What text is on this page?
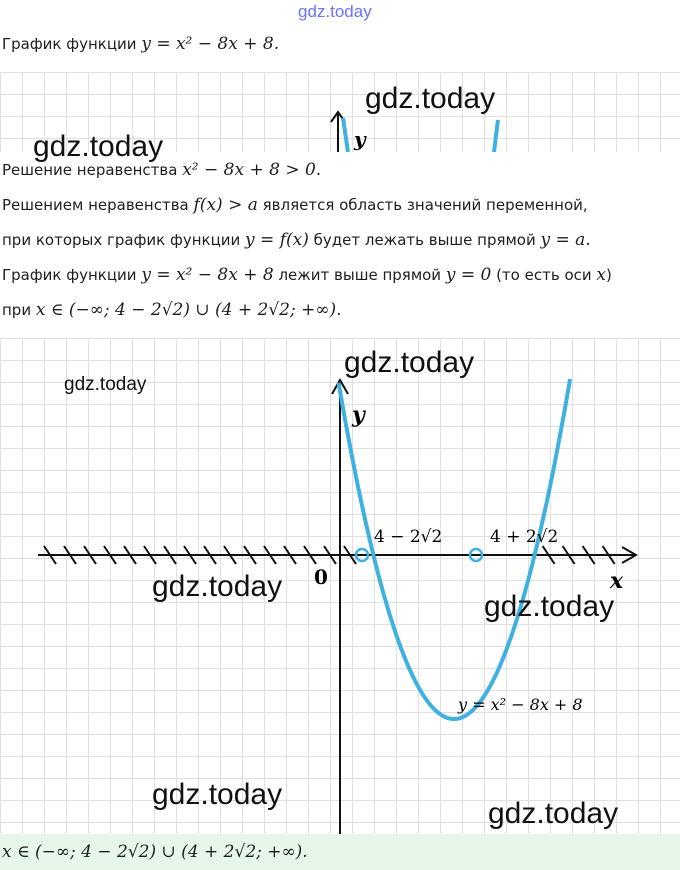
gdz.today
График функции y = x² − 8x + 8.
y
gdz.today
gdz.today
Решение неравенства x² − 8x + 8 > 0.
Решением неравенства f(x) > a является область значений переменной,
при которых график функции y = f(x) будет лежать выше прямой y = a.
График функции y = x² − 8x + 8 лежит выше прямой y = 0 (то есть оси x)
при x ∈ (−∞; 4 − 2√2) ∪ (4 + 2√2; +∞).
y
x
0
4 − 2√2	4 + 2√2
y = x² − 8x + 8
gdz.today
gdz.today
gdz.today
gdz.today
gdz.today
gdz.today
x ∈ (−∞; 4 − 2√2) ∪ (4 + 2√2; +∞).
